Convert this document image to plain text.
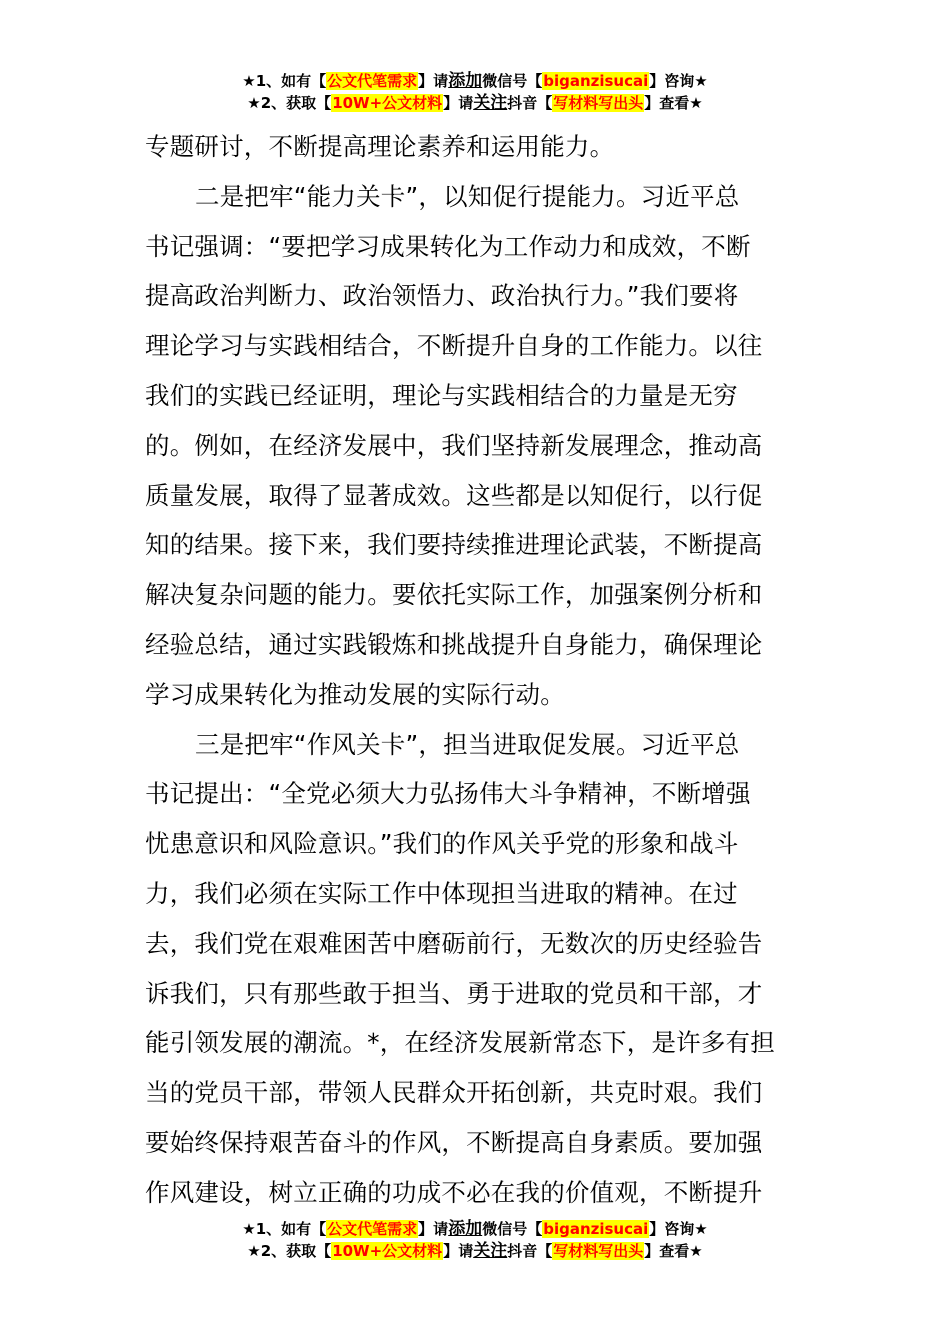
★1、如有【公文代笔需求】请添加微信号【biganzisucai】咨询★
★2、获取【10W+公文材料】请关注抖音【写材料写出头】查看★
专题研讨，不断提高理论素养和运用能力。
二是把牢“能力关卡”，以知促行提能力。习近平总
书记强调：“要把学习成果转化为工作动力和成效，不断
提高政治判断力、政治领悟力、政治执行力。”我们要将
理论学习与实践相结合，不断提升自身的工作能力。以往
我们的实践已经证明，理论与实践相结合的力量是无穷
的。例如，在经济发展中，我们坚持新发展理念，推动高
质量发展，取得了显著成效。这些都是以知促行，以行促
知的结果。接下来，我们要持续推进理论武装，不断提高
解决复杂问题的能力。要依托实际工作，加强案例分析和
经验总结，通过实践锻炼和挑战提升自身能力，确保理论
学习成果转化为推动发展的实际行动。
三是把牢“作风关卡”，担当进取促发展。习近平总
书记提出：“全党必须大力弘扬伟大斗争精神，不断增强
忧患意识和风险意识。”我们的作风关乎党的形象和战斗
力，我们必须在实际工作中体现担当进取的精神。在过
去，我们党在艰难困苦中磨砺前行，无数次的历史经验告
诉我们，只有那些敢于担当、勇于进取的党员和干部，才
能引领发展的潮流。*，在经济发展新常态下，是许多有担
当的党员干部，带领人民群众开拓创新，共克时艰。我们
要始终保持艰苦奋斗的作风，不断提高自身素质。要加强
作风建设，树立正确的功成不必在我的价值观，不断提升
★1、如有【公文代笔需求】请添加微信号【biganzisucai】咨询★
★2、获取【10W+公文材料】请关注抖音【写材料写出头】查看★
